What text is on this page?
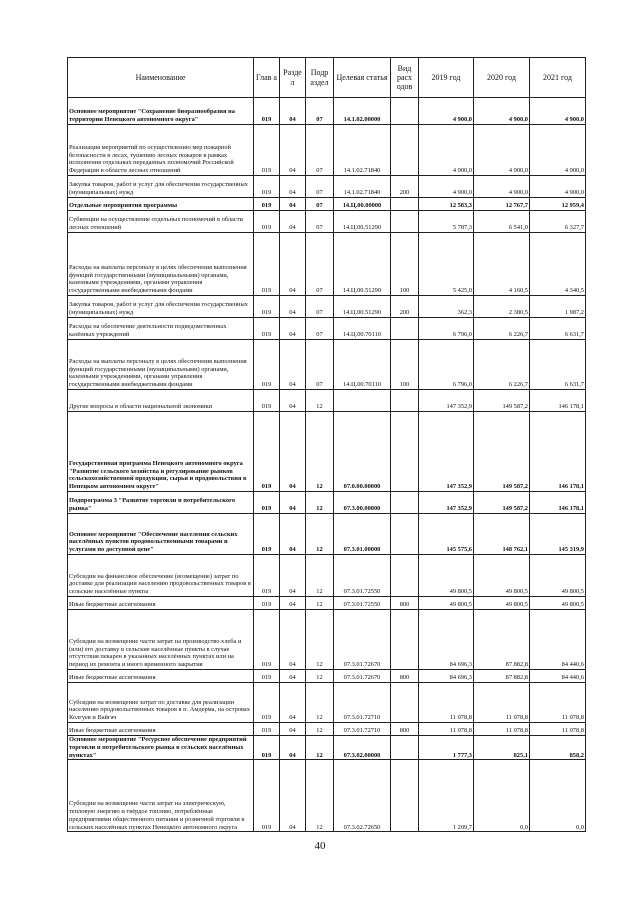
Наименование	Глав а	Разде л	Подр аздел	Целевая статья	Вид расх одов	2019 год	2020 год	2021 год
Основное мероприятие "Сохранение биоразнообразия на территории Ненецкого автономного округа"	019	04	07	14.1.02.00000		4 900,0	4 900,0	4 900,0
Реализация мероприятий по осуществлению мер пожарной безопасности в лесах, тушению лесных пожаров в рамках исполнения отдельных переданных полномочий Российской Федерации в области лесных отношений	019	04	07	14.1.02.71840		4 900,0	4 900,0	4 900,0
Закупка товаров, работ и услуг для обеспечения государственных (муниципальных) нужд	019	04	07	14.1.02.71840	200	4 900,0	4 900,0	4 900,0
Отдельные мероприятия программы	019	04	07	14.Ц.00.00000		12 583,3	12 767,7	12 959,4
Субвенции на осуществление отдельных полномочий в области лесных отношений	019	04	07	14.Ц.00.51290		5 787,3	6 541,0	6 327,7
Расходы на выплаты персоналу в целях обеспечения выполнения функций государственными (муниципальными) органами, казенными учреждениями, органами управления государственными внебюджетными фондами	019	04	07	14.Ц.00.51290	100	5 425,0	4 160,5	4 340,5
Закупка товаров, работ и услуг для обеспечения государственных (муниципальных) нужд	019	04	07	14.Ц.00.51290	200	362,3	2 380,5	1 987,2
Расходы на обеспечение деятельности подведомственных казённых учреждений	019	04	07	14.Ц.00.70110		6 796,0	6 226,7	6 631,7
Расходы на выплаты персоналу в целях обеспечения выполнения функций государственными (муниципальными) органами, казенными учреждениями, органами управления государственными внебюджетными фондами	019	04	07	14.Ц.00.70110	100	6 796,0	6 226,7	6 631,7
Другие вопросы в области национальной экономики	019	04	12			147 352,9	149 587,2	146 178,1
Государственная программа Ненецкого автономного округа "Развитие сельского хозяйства и регулирование рынков сельскохозяйственной продукции, сырья и продовольствия в Ненецком автономном округе"	019	04	12	07.0.00.00000		147 352,9	149 587,2	146 178,1
Подпрограмма 3 "Развитие торговли и потребительского рынка"	019	04	12	07.3.00.00000		147 352,9	149 587,2	146 178,1
Основное мероприятие "Обеспечение населения сельских населённых пунктов продовольственными товарами и услугами по доступной цене"	019	04	12	07.3.01.00000		145 575,6	148 762,1	145 319,9
Субсидии на финансовое обеспечение (возмещение) затрат по доставке для реализации населению продовольственных товаров в сельские населённые пункты	019	04	12	07.3.01.72550		49 800,5	49 800,5	49 800,5
Иные бюджетные ассигнования	019	04	12	07.3.01.72550	800	49 800,5	49 800,5	49 800,5
Субсидии на возмещение части затрат на производство хлеба и (или) его доставку в сельские населённые пункты в случае отсутствия пекарен в указанных населённых пунктах или на период их ремонта и иного временного закрытия	019	04	12	07.3.01.72670		84 696,3	87 882,8	84 440,6
Иные бюджетные ассигнования	019	04	12	07.3.01.72670	800	84 696,3	87 882,8	84 440,6
Субсидии на возмещение затрат по доставке для реализации населению продовольственных товаров в п. Амдерма, на островах Колгуев и Вайгач	019	04	12	07.3.01.72710		11 078,8	11 078,8	11 078,8
Иные бюджетные ассигнования	019	04	12	07.3.01.72710	800	11 078,8	11 078,8	11 078,8
Основное мероприятие "Ресурсное обеспечение предприятий торговли и потребительского рынка в сельских населённых пунктах"	019	04	12	07.3.02.00000		1 777,3	825,1	858,2
Субсидии на возмещение части затрат на электрическую, тепловую энергию и твёрдое топливо, потреблённые предприятиями общественного питания и розничной торговли в сельских населённых пунктах Ненецкого автономного округа	019	04	12	07.3.02.72650		1 209,7	0,0	0,0
40
